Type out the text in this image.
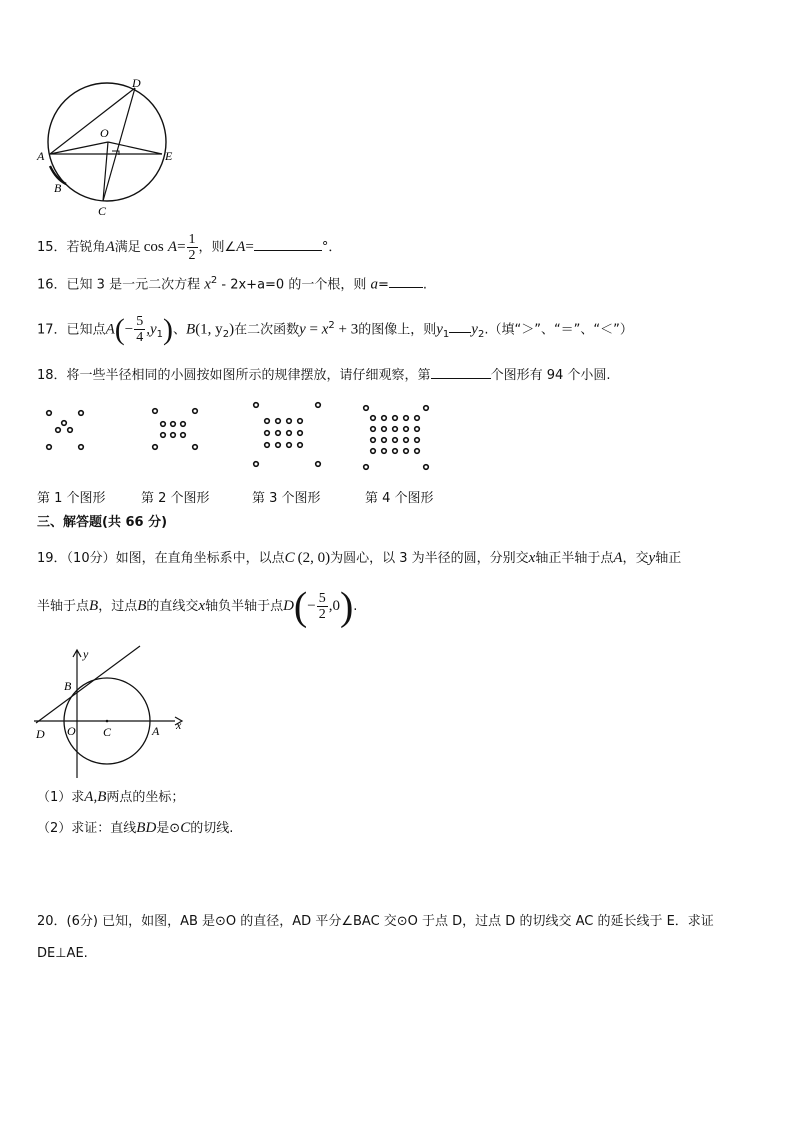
D
O
A	E
B
C
15．若锐角A满足 $\cos A= \frac{1}{2}$ ，则∠A=	°．
16．已知 3 是一元二次方程 $x^2 - 2x+a=0$ 的一个根，则 a=	.
17．已知点$A(- \frac{5}{4} ,y_1)$、B(1, $y_2$)在二次函数$y = x^2 + 3$的图像上，则$y_1$ $y_2$.（填“＞”、“＝”、“＜”）
18．将一些半径相同的小圆按如图所示的规律摆放，请仔细观察，第	个图形有 94 个小圆.
第 1 个图形	第 2 个图形	第 3 个图形	第 4 个图形
三、解答题(共 66 分)
19．（10分）如图，在直角坐标系中，以点C (2, 0)为圆心，以 3 为半径的圆，分别交x轴正半轴于点A，交y轴正
半轴于点B，过点B的直线交x轴负半轴于点$D(- \frac{5}{2} ,0)$.
y
x
B
D O C	A
（1）求A,B两点的坐标；
（2）求证：直线BD是⊙C的切线.
20．(6分) 已知，如图，AB 是⊙O 的直径，AD 平分∠BAC 交⊙O 于点 D，过点 D 的切线交 AC 的延长线于 E．求证
DE⊥AE.
